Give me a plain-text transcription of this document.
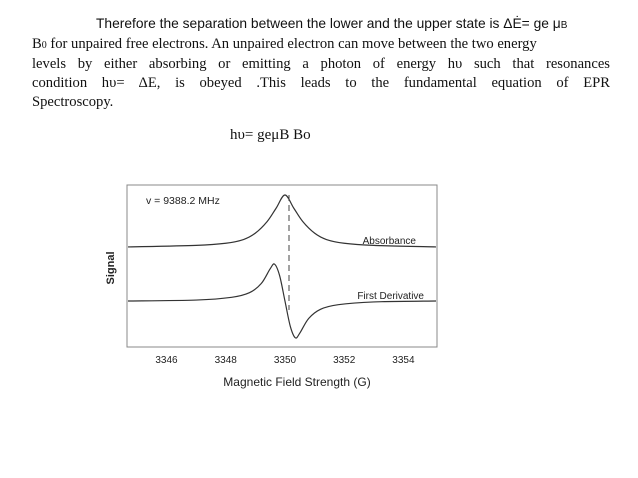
Therefore the separation between the lower and the upper state is ΔĖ= ge μB
B0 for unpaired free electrons. An unpaired electron can move between the two energy
levels by either absorbing or emitting a photon of energy hυ such that resonances
condition hυ= ΔE, is obeyed .This leads to the fundamental equation of EPR
Spectroscopy.
hυ= geμB Bo
v = 9388.2 MHz
Absorbance
First Derivative
Signal
3346	3348	3350	3352	3354
Magnetic Field Strength (G)
